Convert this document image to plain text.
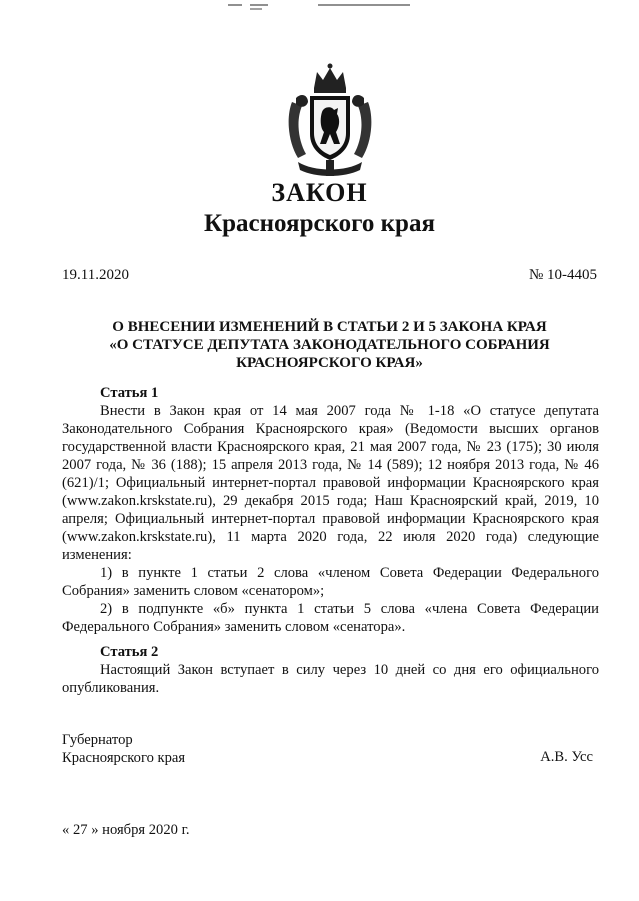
ЗАКОН
Красноярского края
19.11.2020	№ 10-4405
О ВНЕСЕНИИ ИЗМЕНЕНИЙ В СТАТЬИ 2 И 5 ЗАКОНА КРАЯ
«О СТАТУСЕ ДЕПУТАТА ЗАКОНОДАТЕЛЬНОГО СОБРАНИЯ
КРАСНОЯРСКОГО КРАЯ»

Статья 1

Внести в Закон края от 14 мая 2007 года № 1-18 «О статусе депутата Законодательного Собрания Красноярского края» (Ведомости высших органов государственной власти Красноярского края, 21 мая 2007 года, № 23 (175); 30 июля 2007 года, № 36 (188); 15 апреля 2013 года, № 14 (589); 12 ноября 2013 года, № 46 (621)/1; Официальный интернет-портал правовой информации Красноярского края (www.zakon.krskstate.ru), 29 декабря 2015 года; Наш Красноярский край, 2019, 10 апреля; Официальный интернет-портал правовой информации Красноярского края (www.zakon.krskstate.ru), 11 марта 2020 года, 22 июля 2020 года) следующие изменения:

1) в пункте 1 статьи 2 слова «членом Совета Федерации Федерального Собрания» заменить словом «сенатором»;

2) в подпункте «б» пункта 1 статьи 5 слова «члена Совета Федерации Федерального Собрания» заменить словом «сенатора».

Статья 2

Настоящий Закон вступает в силу через 10 дней со дня его официального опубликования.

Губернатор
Красноярского края	А.В. Усс
« 27 » ноября 2020 г.
